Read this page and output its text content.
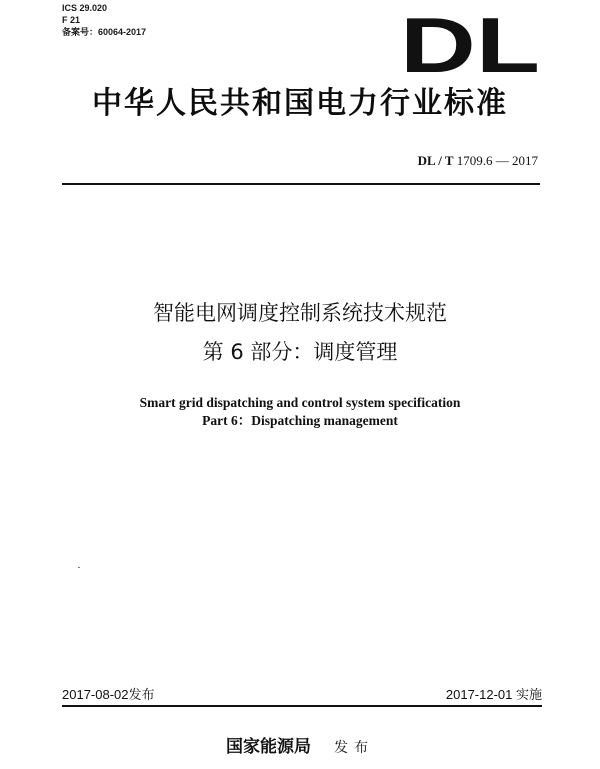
ICS 29.020
F 21
备案号：60064-2017	DL
中华人民共和国电力行业标准
DL / T 1709.6 — 2017
智能电网调度控制系统技术规范
第 6 部分：调度管理
Smart grid dispatching and control system specification
Part 6：Dispatching management
2017-08-02发布	2017-12-01 实施
国家能源局 发布
